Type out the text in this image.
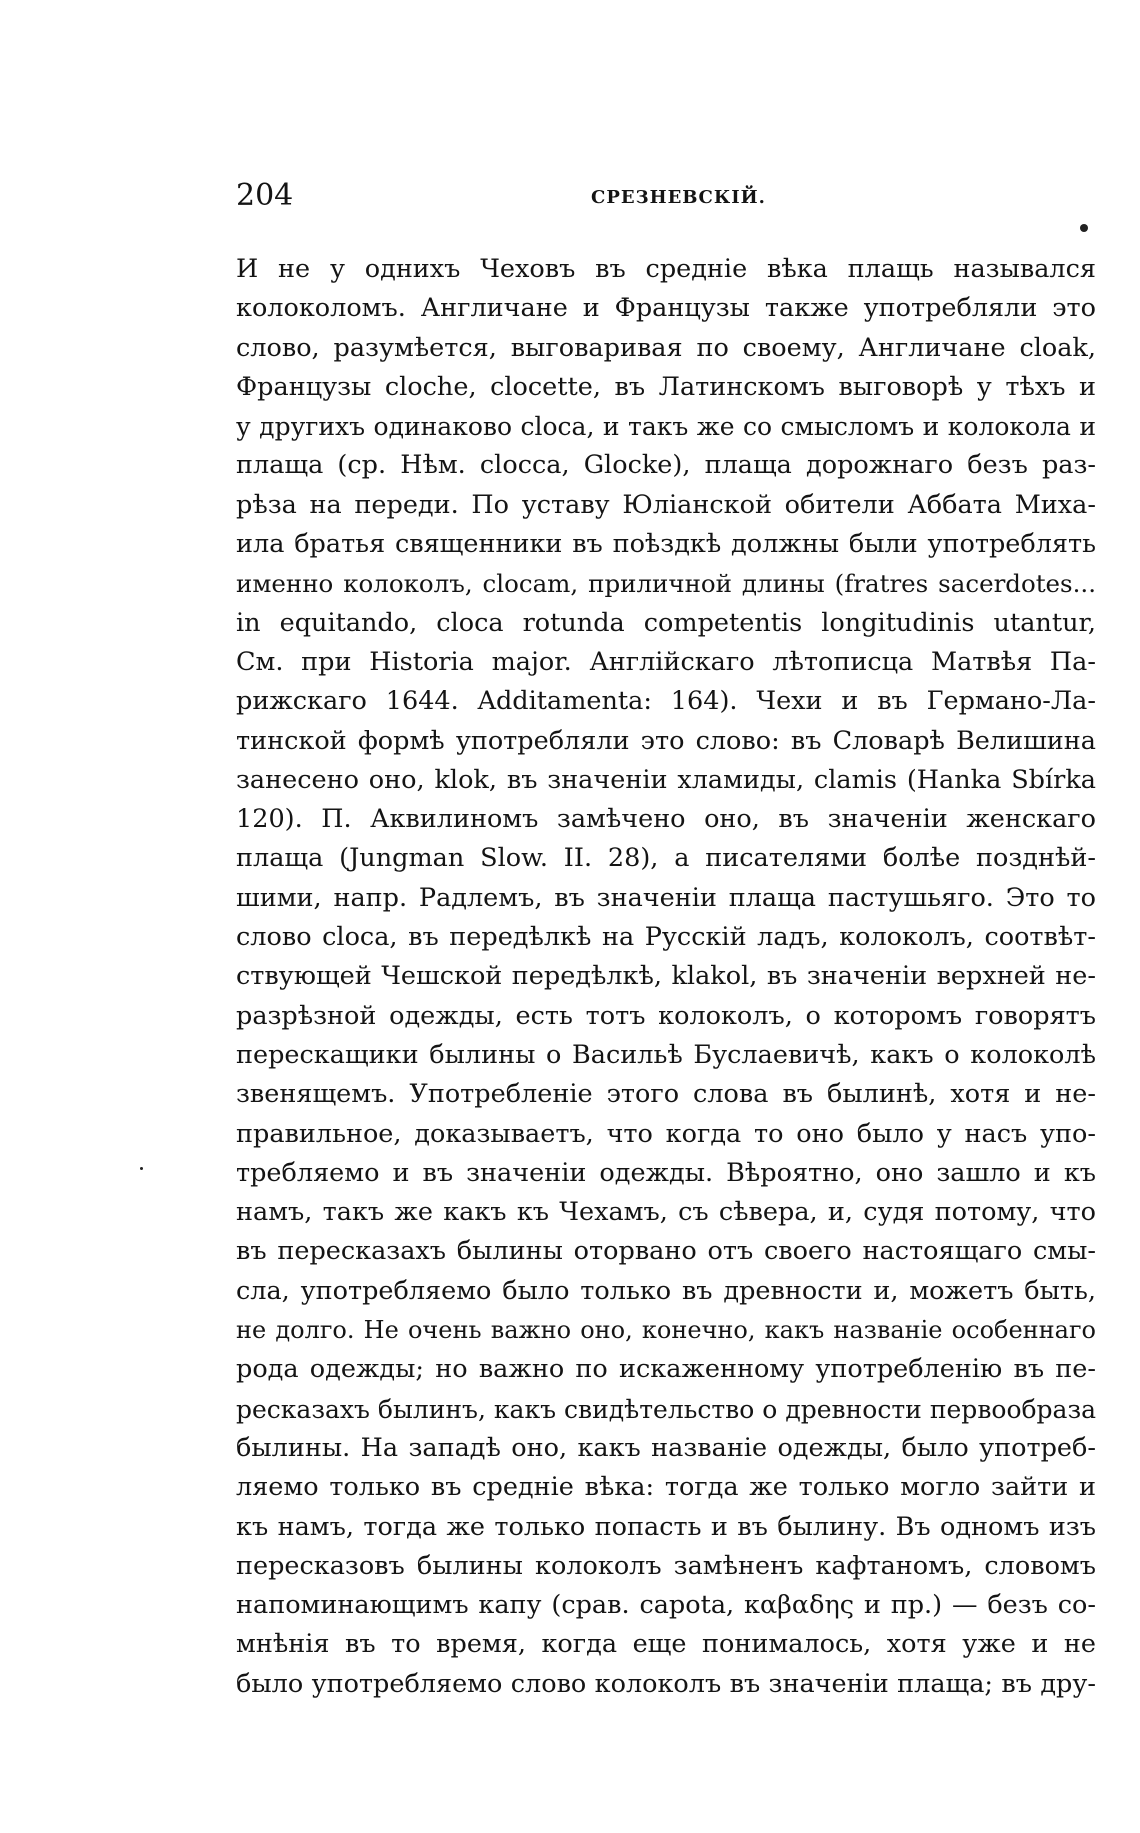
204	СРЕЗНЕВСКІЙ.
И не у однихъ Чеховъ въ средніе вѣка плащь назывался
колоколомъ. Англичане и Французы также употребляли это
слово, разумѣется, выговаривая по своему, Англичане cloak,
Французы cloche, clocette, въ Латинскомъ выговорѣ у тѣхъ и
у другихъ одинаково cloca, и такъ же со смысломъ и колокола и
плаща (ср. Нѣм. clocca, Glocke), плаща дорожнаго безъ раз-
рѣза на переди. По уставу Юліанской обители Аббата Миха-
ила братья священники въ поѣздкѣ должны были употреблять
именно колоколъ, clocam, приличной длины (fratres sacerdotes...
in equitando, cloca rotunda competentis longitudinis utantur,
См. при Historia major. Англійскаго лѣтописца Матвѣя Па-
рижскаго 1644. Additamenta: 164). Чехи и въ Германо-Ла-
тинской формѣ употребляли это слово: въ Словарѣ Велишина
занесено оно, klok, въ значеніи хламиды, clamis (Hanka Sbírka
120). П. Аквилиномъ замѣчено оно, въ значеніи женскаго
плаща (Jungman Slow. II. 28), а писателями болѣе позднѣй-
шими, напр. Радлемъ, въ значеніи плаща пастушьяго. Это то
слово cloca, въ передѣлкѣ на Русскій ладъ, колоколъ, соотвѣт-
ствующей Чешской передѣлкѣ, klakol, въ значеніи верхней не-
разрѣзной одежды, есть тотъ колоколъ, о которомъ говорятъ
перескащики былины о Васильѣ Буслаевичѣ, какъ о колоколѣ
звенящемъ. Употребленіе этого слова въ былинѣ, хотя и не-
правильное, доказываетъ, что когда то оно было у насъ упо-
требляемо и въ значеніи одежды. Вѣроятно, оно зашло и къ
намъ, такъ же какъ къ Чехамъ, съ сѣвера, и, судя потому, что
въ пересказахъ былины оторвано отъ своего настоящаго смы-
сла, употребляемо было только въ древности и, можетъ быть,
не долго. Не очень важно оно, конечно, какъ названіе особеннаго
рода одежды; но важно по искаженному употребленію въ пе-
ресказахъ былинъ, какъ свидѣтельство о древности первообраза
былины. На западѣ оно, какъ названіе одежды, было употреб-
ляемо только въ средніе вѣка: тогда же только могло зайти и
къ намъ, тогда же только попасть и въ былину. Въ одномъ изъ
пересказовъ былины колоколъ замѣненъ кафтаномъ, словомъ
напоминающимъ капу (срав. capota, καβαδης и пр.) — безъ со-
мнѣнія въ то время, когда еще понималось, хотя уже и не
было употребляемо слово колоколъ въ значеніи плаща; въ дру-
